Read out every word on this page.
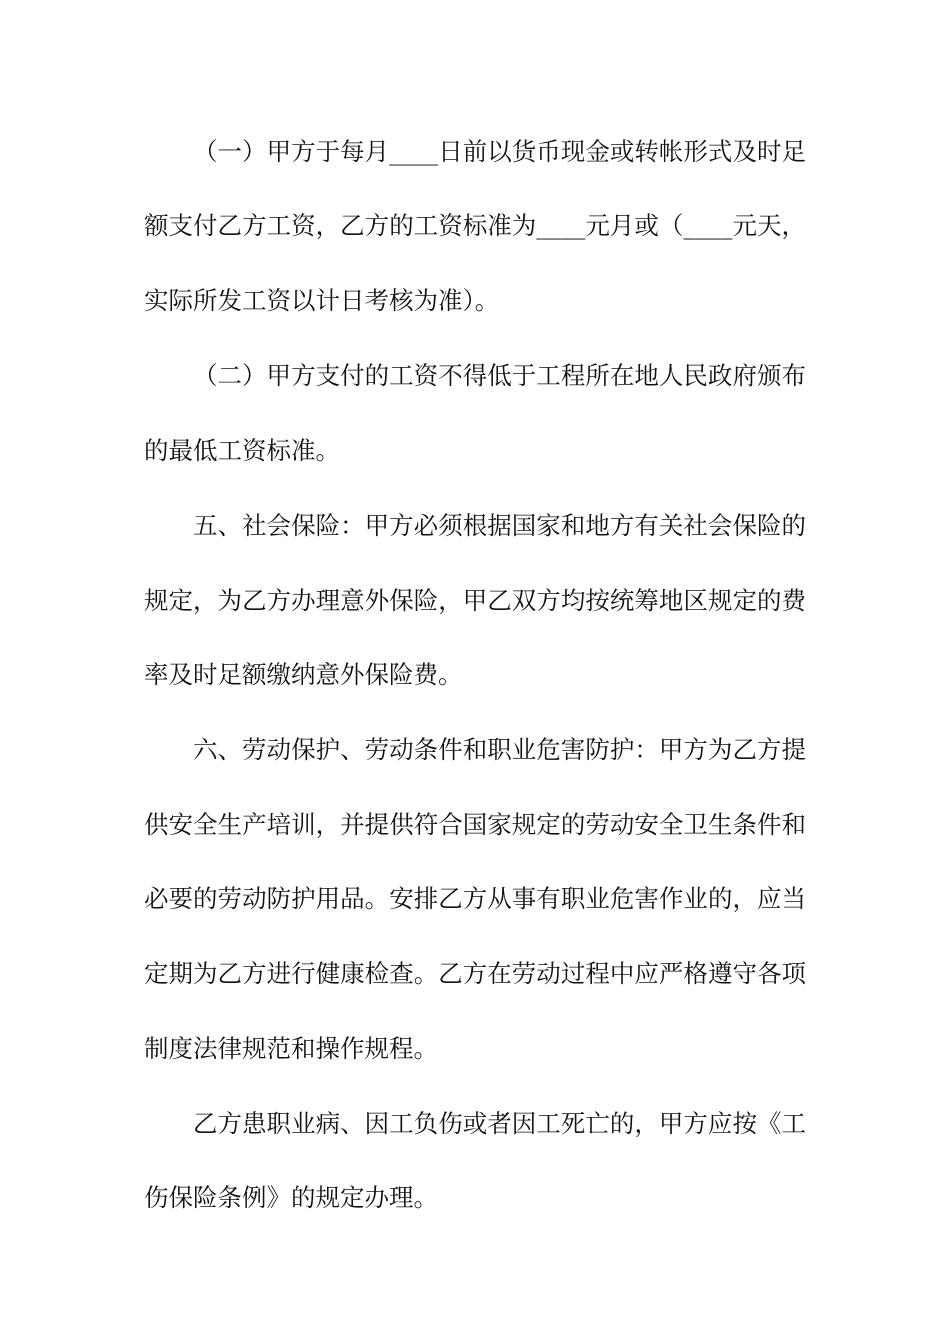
（一）甲方于每月____日前以货币现金或转帐形式及时足
额支付乙方工资，乙方的工资标准为____元月或（____元天，
实际所发工资以计日考核为准）。
（二）甲方支付的工资不得低于工程所在地人民政府颁布
的最低工资标准。
五、社会保险：甲方必须根据国家和地方有关社会保险的
规定，为乙方办理意外保险，甲乙双方均按统筹地区规定的费
率及时足额缴纳意外保险费。
六、劳动保护、劳动条件和职业危害防护：甲方为乙方提
供安全生产培训，并提供符合国家规定的劳动安全卫生条件和
必要的劳动防护用品。安排乙方从事有职业危害作业的，应当
定期为乙方进行健康检查。乙方在劳动过程中应严格遵守各项
制度法律规范和操作规程。
乙方患职业病、因工负伤或者因工死亡的，甲方应按《工
伤保险条例》的规定办理。
